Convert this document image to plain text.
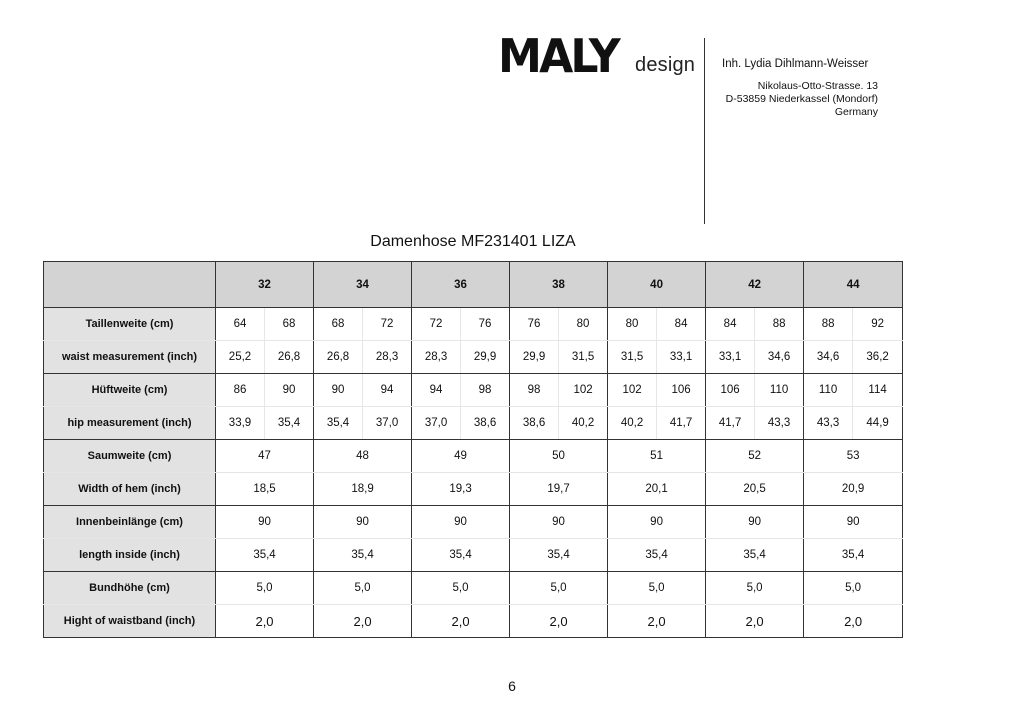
MALY design Inh. Lydia Dihlmann-Weisser
Nikolaus-Otto-Strasse. 13
D-53859 Niederkassel (Mondorf)
Germany
Damenhose MF231401 LIZA
	32		34		36		38		40		42		44	
Taillenweite (cm)	64	68	68	72	72	76	76	80	80	84	84	88	88	92
waist measurement (inch)	25,2	26,8	26,8	28,3	28,3	29,9	29,9	31,5	31,5	33,1	33,1	34,6	34,6	36,2
Hüftweite (cm)	86	90	90	94	94	98	98	102	102	106	106	110	110	114
hip measurement (inch)	33,9	35,4	35,4	37,0	37,0	38,6	38,6	40,2	40,2	41,7	41,7	43,3	43,3	44,9
Saumweite (cm)	47		48		49		50		51		52		53	
Width of hem (inch)	18,5		18,9		19,3		19,7		20,1		20,5		20,9	
Innenbeinlänge (cm)	90		90		90		90		90		90		90	
length inside (inch)	35,4		35,4		35,4		35,4		35,4		35,4		35,4	
Bundhöhe (cm)	5,0		5,0		5,0		5,0		5,0		5,0		5,0	
Hight of waistband (inch)	2,0		2,0		2,0		2,0		2,0		2,0		2,0	
6
